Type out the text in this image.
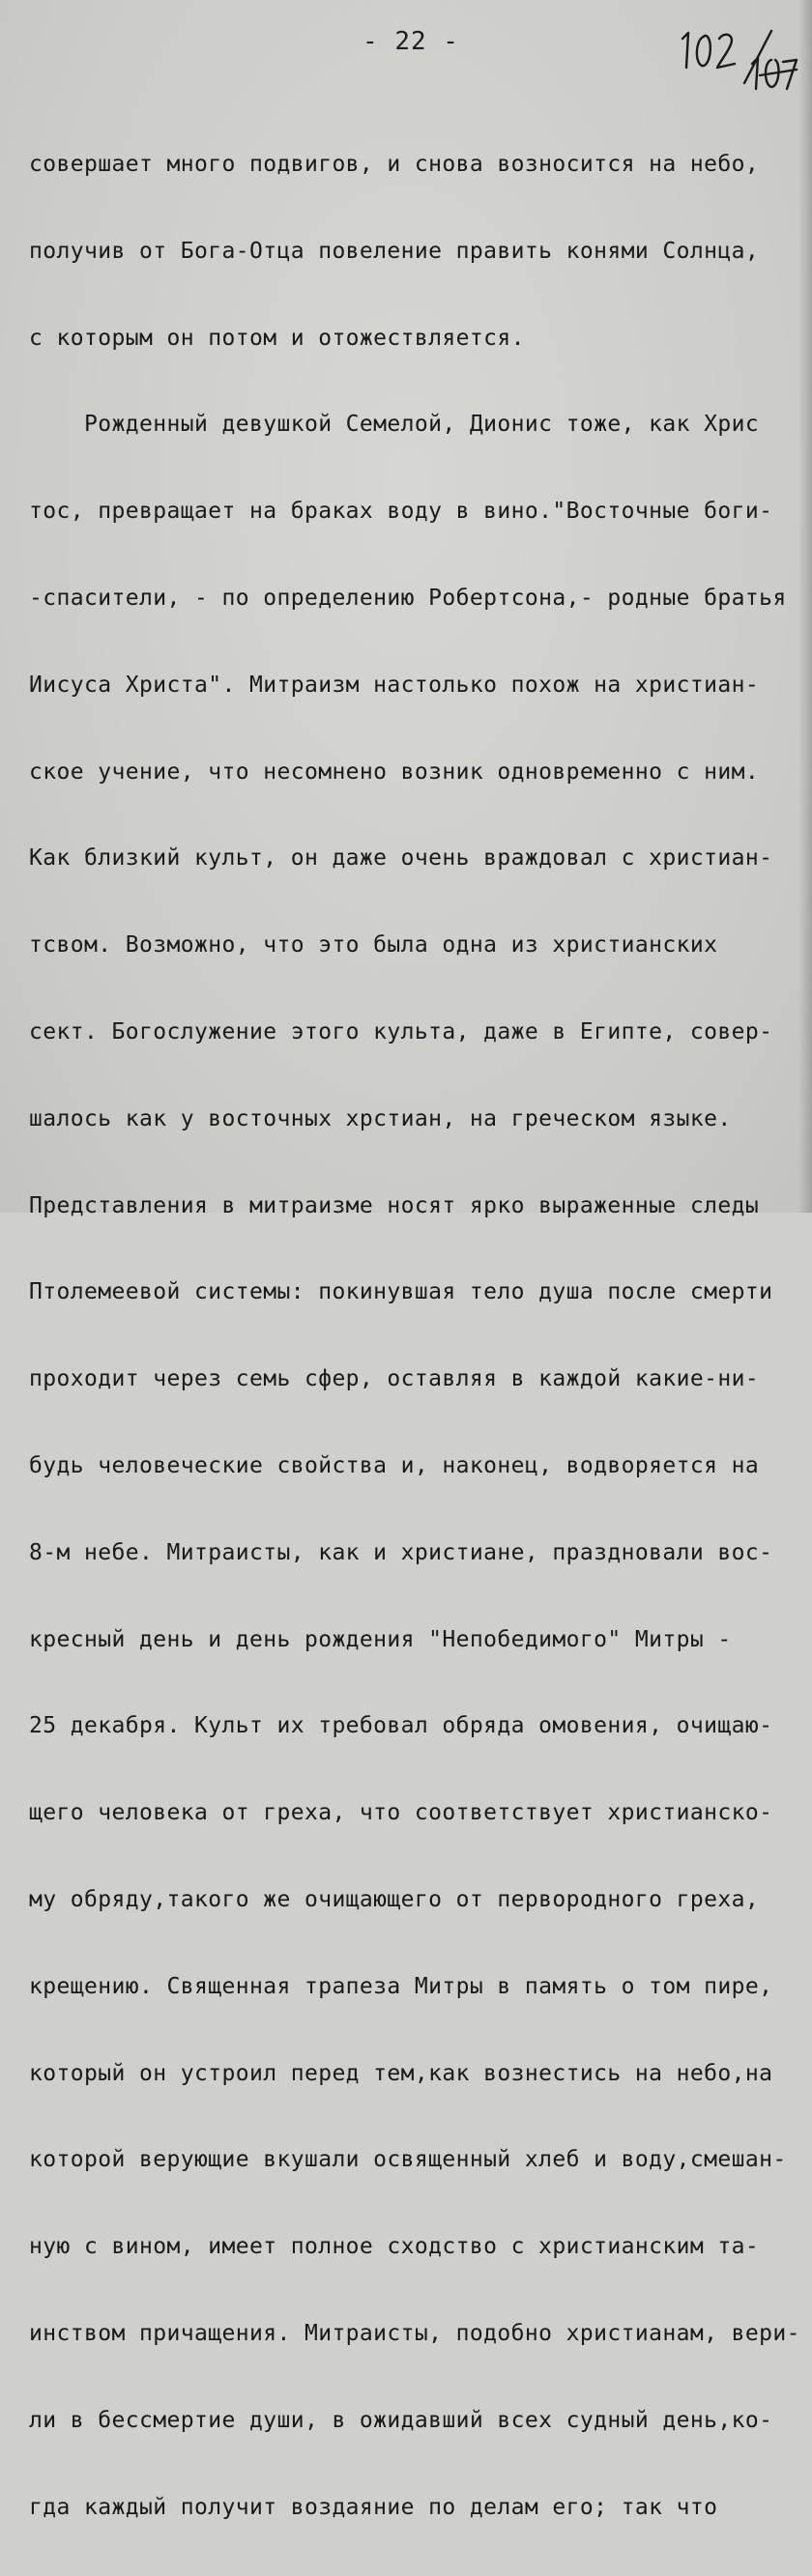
- 22 -

совершает много подвигов, и снова возносится на небо,

получив от Бога-Отца повеление править конями Солнца,

с которым он потом и отожествляется.

Рожденный девушкой Семелой, Дионис тоже, как Хрис

тос, превращает на браках воду в вино."Восточные боги-

-спасители, - по определению Робертсона,- родные братья

Иисуса Христа". Митраизм настолько похож на христиан-

ское учение, что несомнено возник одновременно с ним.

Как близкий культ, он даже очень враждовал с христиан-

тсвом. Возможно, что это была одна из христианских

сект. Богослужение этого культа, даже в Египте, совер-

шалось как у восточных хрстиан, на греческом языке.

Представления в митраизме носят ярко выраженные следы

Птолемеевой системы: покинувшая тело душа после смерти

проходит через семь сфер, оставляя в каждой какие-ни-

будь человеческие свойства и, наконец, водворяется на

8-м небе. Митраисты, как и христиане, праздновали вос-

кресный день и день рождения "Непобедимого" Митры -

25 декабря. Культ их требовал обряда омовения, очищаю-

щего человека от греха, что соответствует христианско-

му обряду,такого же очищающего от первородного греха,

крещению. Священная трапеза Митры в память о том пире,

который он устроил перед тем,как вознестись на небо,на

которой верующие вкушали освященный хлеб и воду,смешан-

ную с вином, имеет полное сходство с христианским та-

инством причащения. Митраисты, подобно христианам, вери-

ли в бессмертие души, в ожидавший всех судный день,ко-

гда каждый получит воздаяние по делам его; так что
